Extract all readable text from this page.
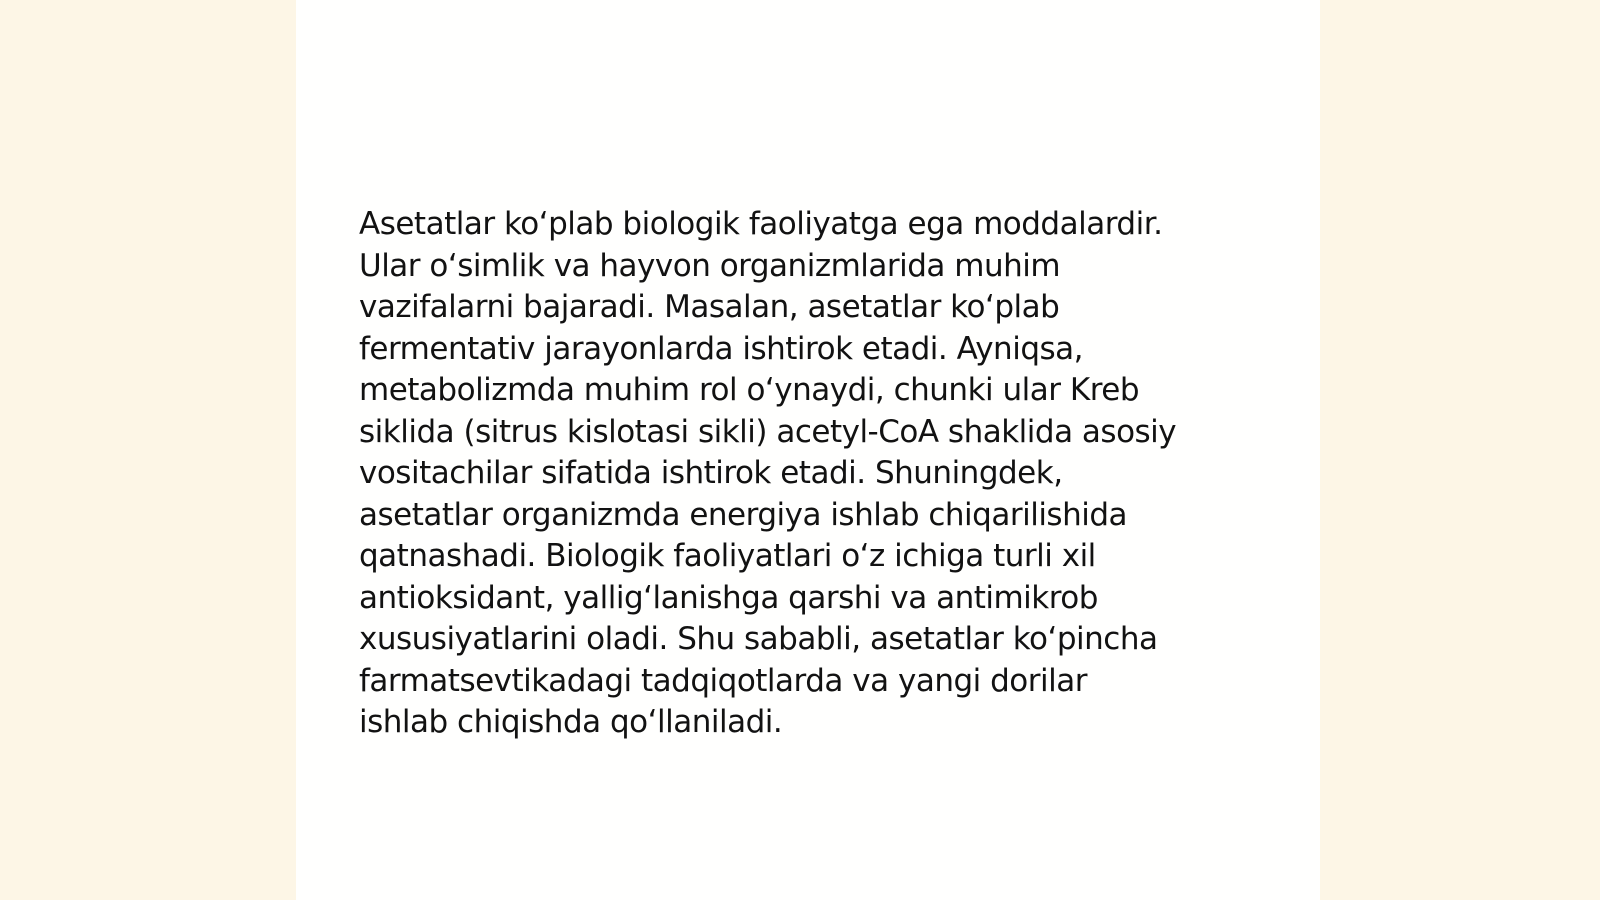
Asetatlar ko‘plab biologik faoliyatga ega moddalardir.
Ular o‘simlik va hayvon organizmlarida muhim
vazifalarni bajaradi. Masalan, asetatlar ko‘plab
fermentativ jarayonlarda ishtirok etadi. Ayniqsa,
metabolizmda muhim rol o‘ynaydi, chunki ular Kreb
siklida (sitrus kislotasi sikli) acetyl-CoA shaklida asosiy
vositachilar sifatida ishtirok etadi. Shuningdek,
asetatlar organizmda energiya ishlab chiqarilishida
qatnashadi. Biologik faoliyatlari o‘z ichiga turli xil
antioksidant, yallig‘lanishga qarshi va antimikrob
xususiyatlarini oladi. Shu sababli, asetatlar ko‘pincha
farmatsevtikadagi tadqiqotlarda va yangi dorilar
ishlab chiqishda qo‘llaniladi.
